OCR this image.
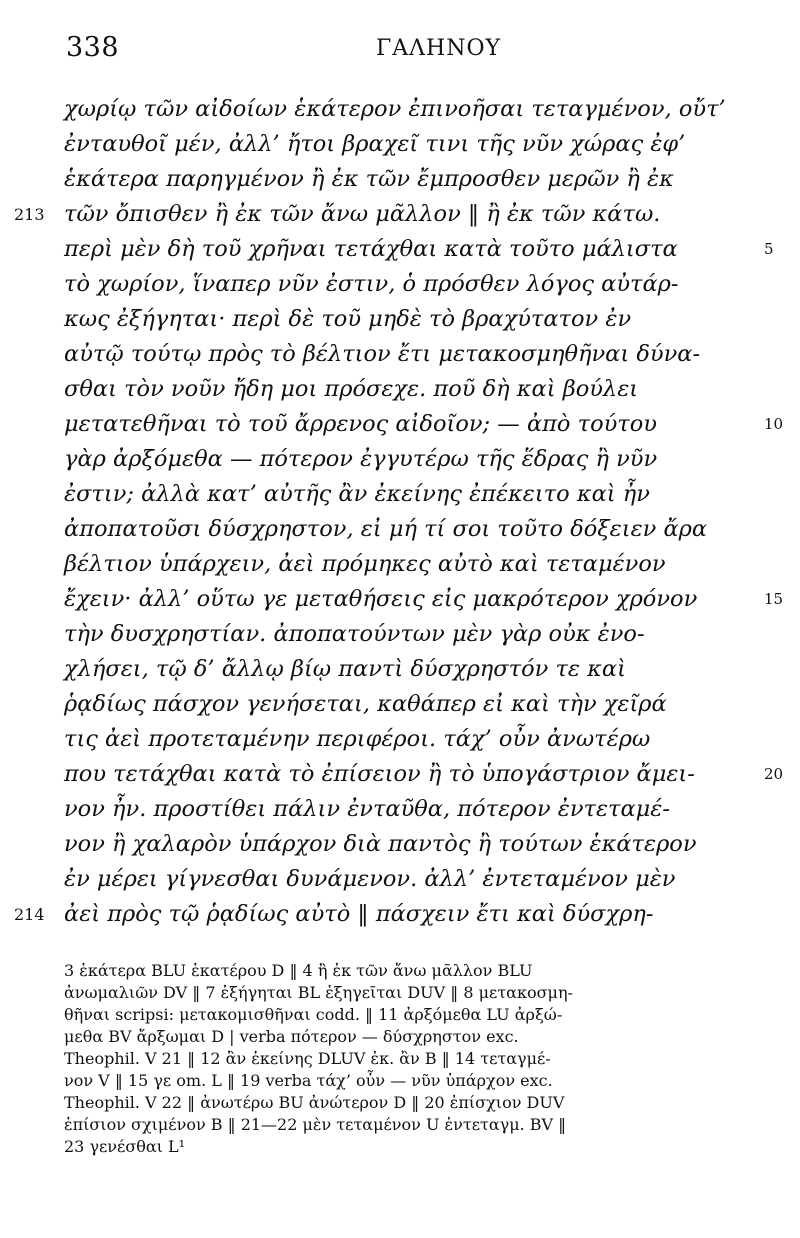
338	ΓΑΛΗΝΟΥ
χωρίῳ τῶν αἰδοίων ἑκάτερον ἐπινοῆσαι τεταγμένον, οὔτ’
ἐνταυθοῖ μέν, ἀλλ’ ἤτοι βραχεῖ τινι τῆς νῦν χώρας ἐφ’
ἑκάτερα παρηγμένον ἢ ἐκ τῶν ἔμπροσθεν μερῶν ἢ ἐκ
213 τῶν ὄπισθεν ἢ ἐκ τῶν ἄνω μᾶλλον ‖ ἢ ἐκ τῶν κάτω.
περὶ μὲν δὴ τοῦ χρῆναι τετάχθαι κατὰ τοῦτο μάλιστα	5
τὸ χωρίον, ἵναπερ νῦν ἐστιν, ὁ πρόσθεν λόγος αὐτάρ-
κως ἐξήγηται· περὶ δὲ τοῦ μηδὲ τὸ βραχύτατον ἐν
αὐτῷ τούτῳ πρὸς τὸ βέλτιον ἔτι μετακοσμηθῆναι δύνα-
σθαι τὸν νοῦν ἤδη μοι πρόσεχε. ποῦ δὴ καὶ βούλει
μετατεθῆναι τὸ τοῦ ἄρρενος αἰδοῖον; — ἀπὸ τούτου	10
γὰρ ἀρξόμεθα — πότερον ἐγγυτέρω τῆς ἕδρας ἢ νῦν
ἐστιν; ἀλλὰ κατ’ αὐτῆς ἂν ἐκείνης ἐπέκειτο καὶ ἦν
ἀποπατοῦσι δύσχρηστον, εἰ μή τί σοι τοῦτο δόξειεν ἄρα
βέλτιον ὑπάρχειν, ἀεὶ πρόμηκες αὐτὸ καὶ τεταμένον
ἔχειν· ἀλλ’ οὕτω γε μεταθήσεις εἰς μακρότερον χρόνον	15
τὴν δυσχρηστίαν. ἀποπατούντων μὲν γὰρ οὐκ ἐνο-
χλήσει, τῷ δ’ ἄλλῳ βίῳ παντὶ δύσχρηστόν τε καὶ
ῥᾳδίως πάσχον γενήσεται, καθάπερ εἰ καὶ τὴν χεῖρά
τις ἀεὶ προτεταμένην περιφέροι. τάχ’ οὖν ἀνωτέρω
που τετάχθαι κατὰ τὸ ἐπίσειον ἢ τὸ ὑπογάστριον ἄμει-	20
νον ἦν. προστίθει πάλιν ἐνταῦθα, πότερον ἐντεταμέ-
νον ἢ χαλαρὸν ὑπάρχον διὰ παντὸς ἢ τούτων ἑκάτερον
ἐν μέρει γίγνεσθαι δυνάμενον. ἀλλ’ ἐντεταμένον μὲν
214 ἀεὶ πρὸς τῷ ῥᾳδίως αὐτὸ ‖ πάσχειν ἔτι καὶ δύσχρη-
3 ἑκάτερα BLU ἑκατέρου D ‖ 4 ἢ ἐκ τῶν ἄνω μᾶλλον BLU
ἀνωμαλιῶν DV ‖ 7 ἐξήγηται BL ἐξηγεῖται DUV ‖ 8 μετακοσμη-
θῆναι scripsi: μετακομισθῆναι codd. ‖ 11 ἀρξόμεθα LU ἀρξώ-
μεθα BV ἄρξωμαι D | verba πότερον — δύσχρηστον exc.
Theophil. V 21 ‖ 12 ἂν ἐκείνης DLUV ἐκ. ἂν B ‖ 14 τεταγμέ-
νον V ‖ 15 γε om. L ‖ 19 verba τάχ’ οὖν — νῦν ὑπάρχον exc.
Theophil. V 22 ‖ ἀνωτέρω BU ἀνώτερον D ‖ 20 ἐπίσχιον DUV
ἐπίσιον σχιμένον B ‖ 21—22 μὲν τεταμένον U ἐντεταγμ. BV ‖
23 γενέσθαι L¹
